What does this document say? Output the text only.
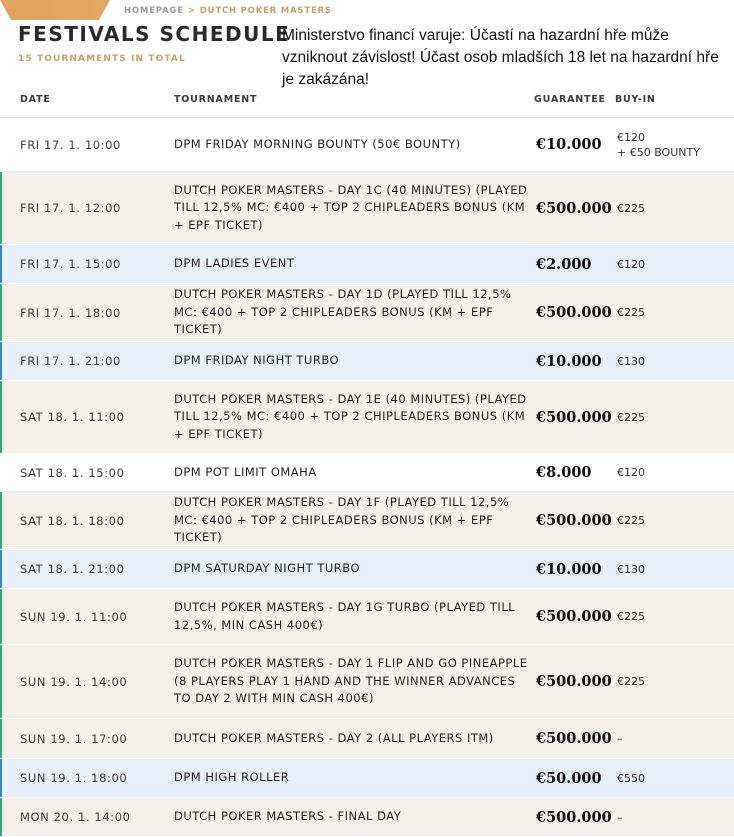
HOMEPAGE > DUTCH POKER MASTERS
FESTIVALS SCHEDULE
15 TOURNAMENTS IN TOTAL
Ministerstvo financí varuje: Účastí na hazardní hře může vzniknout závislost! Účast osob mladších 18 let na hazardní hře je zakázána!
DATE	TOURNAMENT	GUARANTEE BUY-IN
FRI 17. 1. 10:00	DPM FRIDAY MORNING BOUNTY (50€ BOUNTY)	€10.000 €120
+ €50 BOUNTY
FRI 17. 1. 12:00
DUTCH POKER MASTERS - DAY 1C (40 MINUTES) (PLAYED TILL 12,5% MC: €400 + TOP 2 CHIPLEADERS BONUS (KM + EPF TICKET)
€500.000 €225
FRI 17. 1. 15:00	DPM LADIES EVENT	€2.000 €120
FRI 17. 1. 18:00
DUTCH POKER MASTERS - DAY 1D (PLAYED TILL 12,5% MC: €400 + TOP 2 CHIPLEADERS BONUS (KM + EPF TICKET)
€500.000 €225
FRI 17. 1. 21:00	DPM FRIDAY NIGHT TURBO	€10.000 €130
SAT 18. 1. 11:00
DUTCH POKER MASTERS - DAY 1E (40 MINUTES) (PLAYED TILL 12,5% MC: €400 + TOP 2 CHIPLEADERS BONUS (KM + EPF TICKET)
€500.000 €225
SAT 18. 1. 15:00	DPM POT LIMIT OMAHA	€8.000 €120
SAT 18. 1. 18:00
DUTCH POKER MASTERS - DAY 1F (PLAYED TILL 12,5% MC: €400 + TOP 2 CHIPLEADERS BONUS (KM + EPF TICKET)
€500.000 €225
SAT 18. 1. 21:00	DPM SATURDAY NIGHT TURBO	€10.000 €130
SUN 19. 1. 11:00
DUTCH POKER MASTERS - DAY 1G TURBO (PLAYED TILL 12,5%, MIN CASH 400€)	€500.000 €225
SUN 19. 1. 14:00
DUTCH POKER MASTERS - DAY 1 FLIP AND GO PINEAPPLE (8 PLAYERS PLAY 1 HAND AND THE WINNER ADVANCES TO DAY 2 WITH MIN CASH 400€)
€500.000 €225
SUN 19. 1. 17:00	DUTCH POKER MASTERS - DAY 2 (ALL PLAYERS ITM)	€500.000 –
SUN 19. 1. 18:00	DPM HIGH ROLLER	€50.000 €550
MON 20. 1. 14:00	DUTCH POKER MASTERS - FINAL DAY	€500.000 –
